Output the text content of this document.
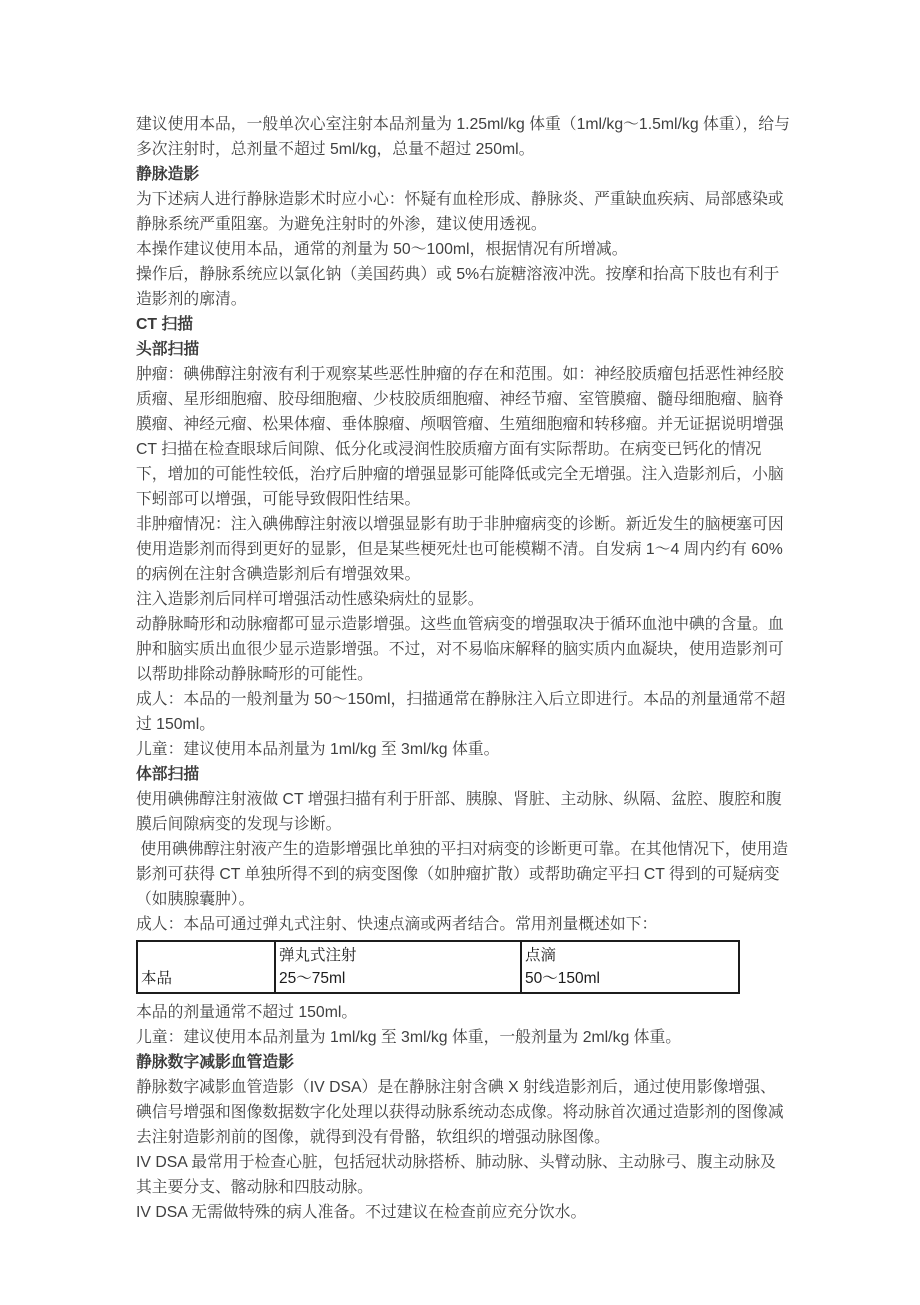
建议使用本品，一般单次心室注射本品剂量为 1.25ml/kg 体重（1ml/kg～1.5ml/kg 体重），给与多次注射时，总剂量不超过 5ml/kg，总量不超过 250ml。

静脉造影

为下述病人进行静脉造影术时应小心：怀疑有血栓形成、静脉炎、严重缺血疾病、局部感染或静脉系统严重阻塞。为避免注射时的外渗，建议使用透视。

本操作建议使用本品，通常的剂量为 50～100ml，根据情况有所增减。

操作后，静脉系统应以氯化钠（美国药典）或 5%右旋糖溶液冲洗。按摩和抬高下肢也有利于造影剂的廓清。

CT 扫描
头部扫描

肿瘤：碘佛醇注射液有利于观察某些恶性肿瘤的存在和范围。如：神经胶质瘤包括恶性神经胶质瘤、星形细胞瘤、胶母细胞瘤、少枝胶质细胞瘤、神经节瘤、室管膜瘤、髓母细胞瘤、脑脊膜瘤、神经元瘤、松果体瘤、垂体腺瘤、颅咽管瘤、生殖细胞瘤和转移瘤。并无证据说明增强 CT 扫描在检查眼球后间隙、低分化或浸润性胶质瘤方面有实际帮助。在病变已钙化的情况下，增加的可能性较低，治疗后肿瘤的增强显影可能降低或完全无增强。注入造影剂后，小脑下蚓部可以增强，可能导致假阳性结果。

非肿瘤情况：注入碘佛醇注射液以增强显影有助于非肿瘤病变的诊断。新近发生的脑梗塞可因使用造影剂而得到更好的显影，但是某些梗死灶也可能模糊不清。自发病 1～4 周内约有 60%的病例在注射含碘造影剂后有增强效果。

注入造影剂后同样可增强活动性感染病灶的显影。

动静脉畸形和动脉瘤都可显示造影增强。这些血管病变的增强取决于循环血池中碘的含量。血肿和脑实质出血很少显示造影增强。不过，对不易临床解释的脑实质内血凝块，使用造影剂可以帮助排除动静脉畸形的可能性。

成人：本品的一般剂量为 50～150ml，扫描通常在静脉注入后立即进行。本品的剂量通常不超过 150ml。

儿童：建议使用本品剂量为 1ml/kg 至 3ml/kg 体重。

体部扫描

使用碘佛醇注射液做 CT 增强扫描有利于肝部、胰腺、肾脏、主动脉、纵隔、盆腔、腹腔和腹膜后间隙病变的发现与诊断。

使用碘佛醇注射液产生的造影增强比单独的平扫对病变的诊断更可靠。在其他情况下，使用造影剂可获得 CT 单独所得不到的病变图像（如肿瘤扩散）或帮助确定平扫 CT 得到的可疑病变（如胰腺囊肿）。

成人：本品可通过弹丸式注射、快速点滴或两者结合。常用剂量概述如下：

本品
弹丸式注射
25～75ml
点滴
50～150ml

本品的剂量通常不超过 150ml。

儿童：建议使用本品剂量为 1ml/kg 至 3ml/kg 体重，一般剂量为 2ml/kg 体重。

静脉数字减影血管造影

静脉数字减影血管造影（IV DSA）是在静脉注射含碘 X 射线造影剂后，通过使用影像增强、碘信号增强和图像数据数字化处理以获得动脉系统动态成像。将动脉首次通过造影剂的图像减去注射造影剂前的图像，就得到没有骨骼，软组织的增强动脉图像。

IV DSA 最常用于检查心脏，包括冠状动脉搭桥、肺动脉、头臂动脉、主动脉弓、腹主动脉及其主要分支、髂动脉和四肢动脉。

IV DSA 无需做特殊的病人准备。不过建议在检查前应充分饮水。
